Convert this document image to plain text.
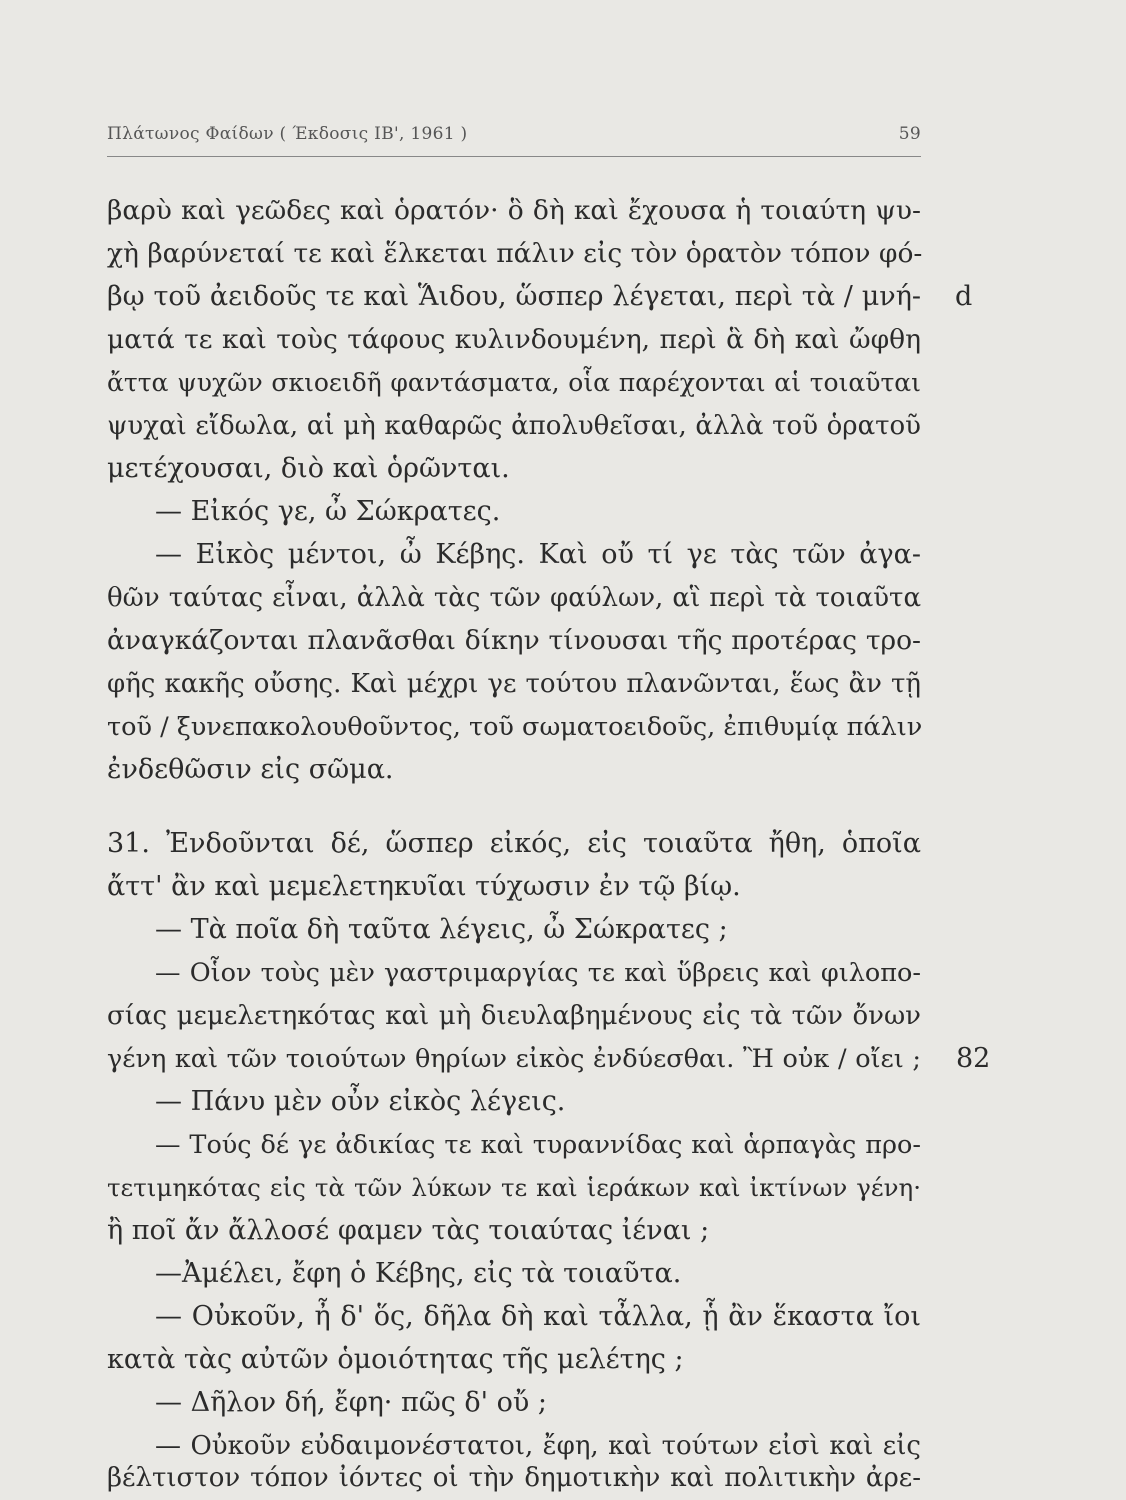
Πλάτωνος Φαίδων ( Έκδοσις ΙΒ', 1961 )	59
βαρὺ καὶ γεῶδες καὶ ὁρατόν· ὃ δὴ καὶ ἔχουσα ἡ τοιαύτη ψυ-
χὴ βαρύνεταί τε καὶ ἕλκεται πάλιν εἰς τὸν ὁρατὸν τόπον φό-
βῳ τοῦ ἀειδοῦς τε καὶ Ἅιδου, ὥσπερ λέγεται, περὶ τὰ / μνή-
ματά τε καὶ τοὺς τάφους κυλινδουμένη, περὶ ἃ δὴ καὶ ὤφθη
ἄττα ψυχῶν σκιοειδῆ φαντάσματα, οἷα παρέχονται αἱ τοιαῦται
ψυχαὶ εἴδωλα, αἱ μὴ καθαρῶς ἀπολυθεῖσαι, ἀλλὰ τοῦ ὁρατοῦ
μετέχουσαι, διὸ καὶ ὁρῶνται.
— Εἰκός γε, ὦ Σώκρατες.
— Εἰκὸς μέντοι, ὦ Κέβης. Καὶ οὔ τί γε τὰς τῶν ἀγα-
θῶν ταύτας εἶναι, ἀλλὰ τὰς τῶν φαύλων, αἳ περὶ τὰ τοιαῦτα
ἀναγκάζονται πλανᾶσθαι δίκην τίνουσαι τῆς προτέρας τρο-
φῆς κακῆς οὔσης. Καὶ μέχρι γε τούτου πλανῶνται, ἕως ἂν τῇ
τοῦ / ξυνεπακολουθοῦντος, τοῦ σωματοειδοῦς, ἐπιθυμίᾳ πάλιν
ἐνδεθῶσιν εἰς σῶμα.
31. Ἐνδοῦνται δέ, ὥσπερ εἰκός, εἰς τοιαῦτα ἤθη, ὁποῖα
ἄττ' ἂν καὶ μεμελετηκυῖαι τύχωσιν ἐν τῷ βίῳ.
— Τὰ ποῖα δὴ ταῦτα λέγεις, ὦ Σώκρατες ;
— Οἷον τοὺς μὲν γαστριμαργίας τε καὶ ὕβρεις καὶ φιλοπο-
σίας μεμελετηκότας καὶ μὴ διευλαβημένους εἰς τὰ τῶν ὄνων
γένη καὶ τῶν τοιούτων θηρίων εἰκὸς ἐνδύεσθαι. Ἢ οὐκ / οἴει ;
— Πάνυ μὲν οὖν εἰκὸς λέγεις.
— Τούς δέ γε ἀδικίας τε καὶ τυραννίδας καὶ ἁρπαγὰς προ-
τετιμηκότας εἰς τὰ τῶν λύκων τε καὶ ἱεράκων καὶ ἰκτίνων γένη·
ἢ ποῖ ἄν ἄλλοσέ φαμεν τὰς τοιαύτας ἰέναι ;
—Ἀμέλει, ἔφη ὁ Κέβης, εἰς τὰ τοιαῦτα.
— Οὐκοῦν, ἦ δ' ὅς, δῆλα δὴ καὶ τἆλλα, ᾗ ἂν ἕκαστα ἴοι
κατὰ τὰς αὐτῶν ὁμοιότητας τῆς μελέτης ;
— Δῆλον δή, ἔφη· πῶς δ' οὔ ;
— Οὐκοῦν εὐδαιμονέστατοι, ἔφη, καὶ τούτων εἰσὶ καὶ εἰς
βέλτιστον τόπον ἰόντες οἱ τὴν δημοτικὴν καὶ πολιτικὴν ἀρε-
d
82
